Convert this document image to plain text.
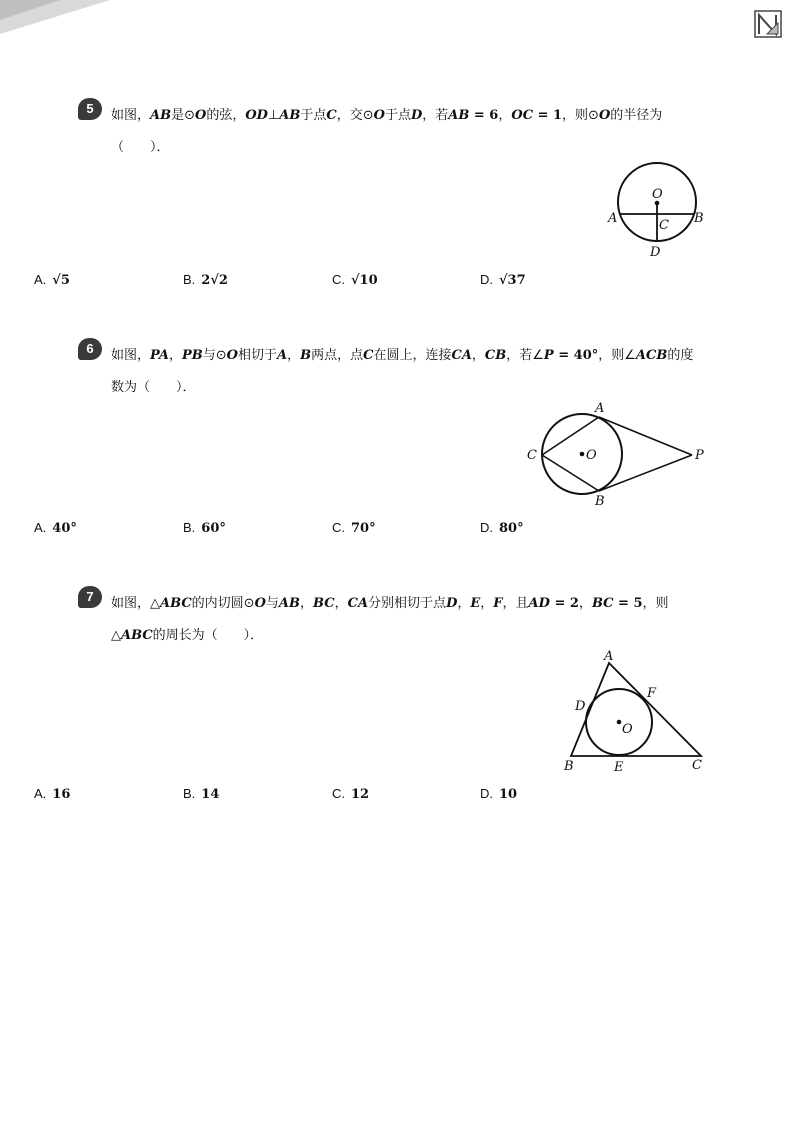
5	如图，AB是⊙O的弦，OD⊥AB于点C，交⊙O于点D，若AB = 6，OC = 1，则⊙O的半径为（　　）．

O
A	B
C
D
A. √5	B. 2√2	C. √10	D. √37
6	如图，PA，PB与⊙O相切于A，B两点，点C在圆上，连接CA，CB，若∠P = 40°，则∠ACB的度数为（　　）．

O
A
B
C	P
A. 40°	B. 60°	C. 70°	D. 80°
7	如图，△ABC的内切圆⊙O与AB，BC，CA分别相切于点D，E，F，且AD = 2，BC = 5，则△ABC的周长为（　　）．

O
A
B	C
D
E
F
A. 16	B. 14	C. 12	D. 10
